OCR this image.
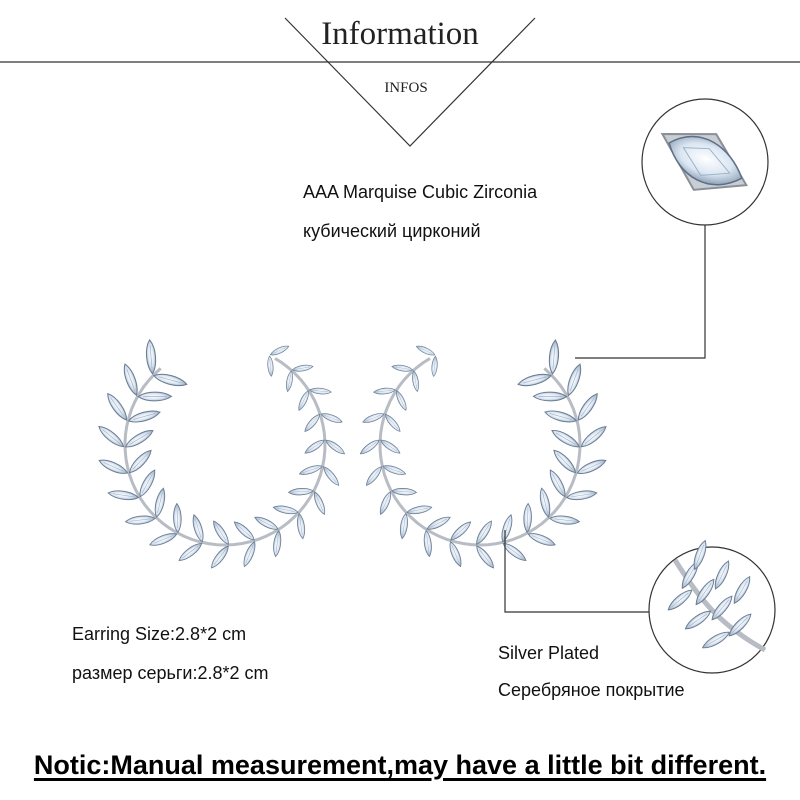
Information
INFOS
AAA Marquise Cubic Zirconia
кубический цирконий
Earring Size:2.8*2 cm
размер серьги:2.8*2 cm
Silver Plated
Серебряное покрытие
Notic:Manual measurement,may have a little bit different.
